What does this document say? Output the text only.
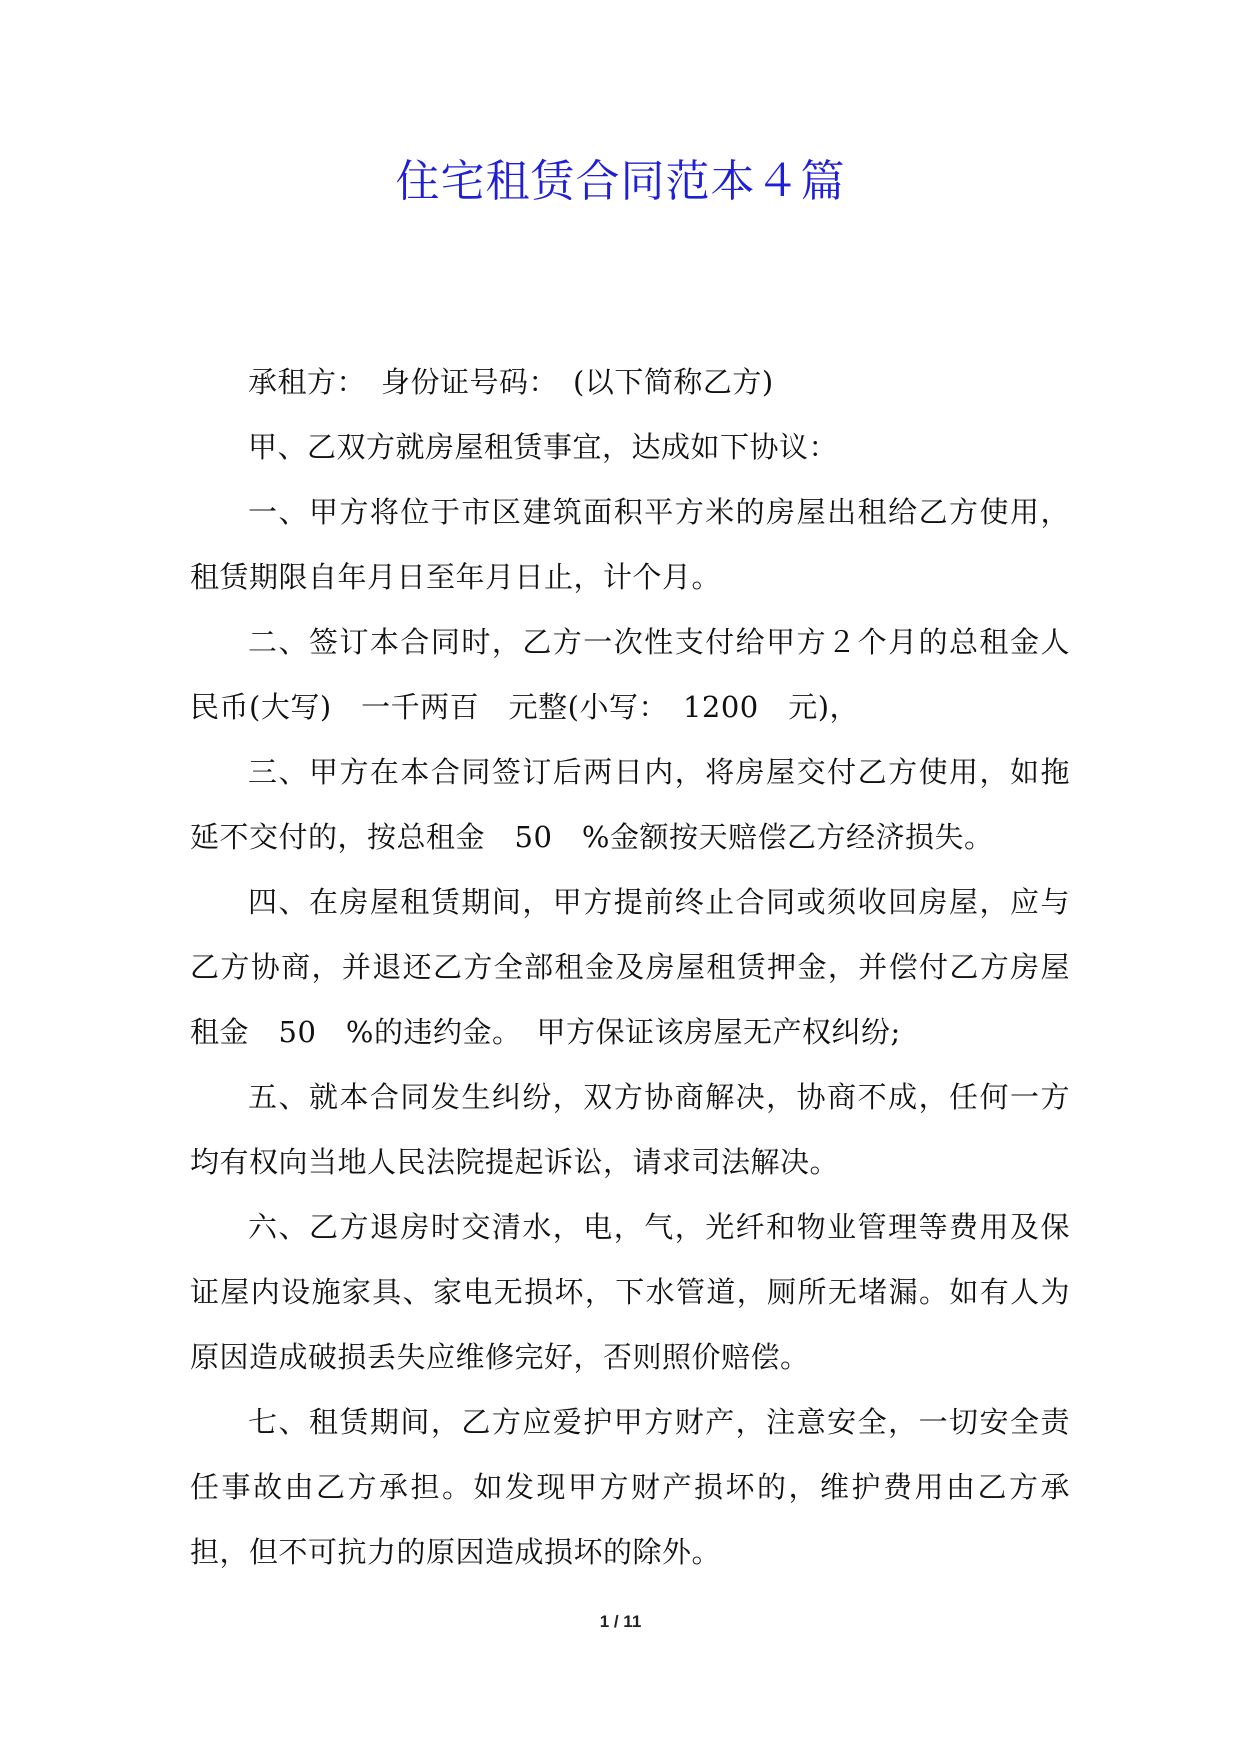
住宅租赁合同范本４篇

承租方：　身份证号码：　(以下简称乙方)

甲、乙双方就房屋租赁事宜，达成如下协议：

一、甲方将位于市区建筑面积平方米的房屋出租给乙方使用，租赁期限自年月日至年月日止，计个月。

二、签订本合同时，乙方一次性支付给甲方２个月的总租金人民币(大写)　一千两百　元整(小写：　1200　元)，

三、甲方在本合同签订后两日内，将房屋交付乙方使用，如拖延不交付的，按总租金　50　%金额按天赔偿乙方经济损失。

四、在房屋租赁期间，甲方提前终止合同或须收回房屋，应与乙方协商，并退还乙方全部租金及房屋租赁押金，并偿付乙方房屋租金　50　%的违约金。　甲方保证该房屋无产权纠纷;

五、就本合同发生纠纷，双方协商解决，协商不成，任何一方均有权向当地人民法院提起诉讼，请求司法解决。

六、乙方退房时交清水，电，气，光纤和物业管理等费用及保证屋内设施家具、家电无损坏，下水管道，厕所无堵漏。如有人为原因造成破损丢失应维修完好，否则照价赔偿。

七、租赁期间，乙方应爱护甲方财产，注意安全，一切安全责任事故由乙方承担。如发现甲方财产损坏的，维护费用由乙方承担，但不可抗力的原因造成损坏的除外。

1 / 11
